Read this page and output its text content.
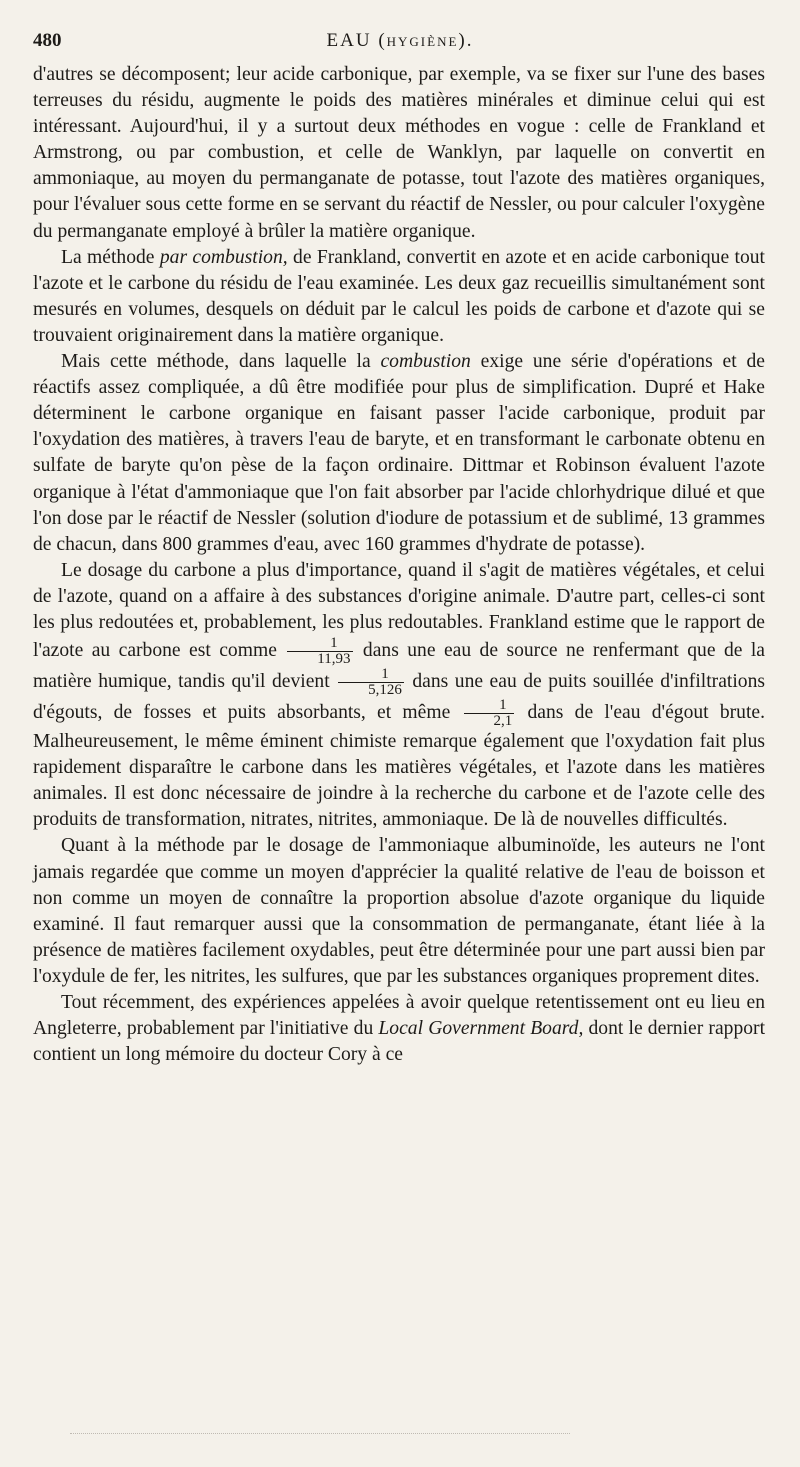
480	EAU (HYGIÈNE).

d'autres se décomposent; leur acide carbonique, par exemple, va se fixer sur l'une des bases terreuses du résidu, augmente le poids des matières minérales et diminue celui qui est intéressant. Aujourd'hui, il y a surtout deux méthodes en vogue : celle de Frankland et Armstrong, ou par combustion, et celle de Wanklyn, par laquelle on convertit en ammoniaque, au moyen du permanganate de potasse, tout l'azote des matières organiques, pour l'évaluer sous cette forme en se servant du réactif de Nessler, ou pour calculer l'oxygène du permanganate employé à brûler la matière organique.

La méthode par combustion, de Frankland, convertit en azote et en acide carbonique tout l'azote et le carbone du résidu de l'eau examinée. Les deux gaz recueillis simultanément sont mesurés en volumes, desquels on déduit par le calcul les poids de carbone et d'azote qui se trouvaient originairement dans la matière organique.

Mais cette méthode, dans laquelle la combustion exige une série d'opérations et de réactifs assez compliquée, a dû être modifiée pour plus de simplification. Dupré et Hake déterminent le carbone organique en faisant passer l'acide carbonique, produit par l'oxydation des matières, à travers l'eau de baryte, et en transformant le carbonate obtenu en sulfate de baryte qu'on pèse de la façon ordinaire. Dittmar et Robinson évaluent l'azote organique à l'état d'ammoniaque que l'on fait absorber par l'acide chlorhydrique dilué et que l'on dose par le réactif de Nessler (solution d'iodure de potassium et de sublimé, 13 grammes de chacun, dans 800 grammes d'eau, avec 160 grammes d'hydrate de potasse).

Le dosage du carbone a plus d'importance, quand il s'agit de matières végétales, et celui de l'azote, quand on a affaire à des substances d'origine animale. D'autre part, celles-ci sont les plus redoutées et, probablement, les plus redoutables. Frankland estime que le rapport de l'azote au carbone est comme $\frac{1}{11,93}$ dans une eau de source ne renfermant que de la matière humique, tandis qu'il devient $\frac{1}{5,126}$ dans une eau de puits souillée d'infiltrations d'égouts, de fosses et puits absorbants, et même $\frac{1}{2,1}$ dans de l'eau d'égout brute. Malheureusement, le même éminent chimiste remarque également que l'oxydation fait plus rapidement disparaître le carbone dans les matières végétales, et l'azote dans les matières animales. Il est donc nécessaire de joindre à la recherche du carbone et de l'azote celle des produits de transformation, nitrates, nitrites, ammoniaque. De là de nouvelles difficultés.

Quant à la méthode par le dosage de l'ammoniaque albuminoïde, les auteurs ne l'ont jamais regardée que comme un moyen d'apprécier la qualité relative de l'eau de boisson et non comme un moyen de connaître la proportion absolue d'azote organique du liquide examiné. Il faut remarquer aussi que la consommation de permanganate, étant liée à la présence de matières facilement oxydables, peut être déterminée pour une part aussi bien par l'oxydule de fer, les nitrites, les sulfures, que par les substances organiques proprement dites.

Tout récemment, des expériences appelées à avoir quelque retentissement ont eu lieu en Angleterre, probablement par l'initiative du Local Government Board, dont le dernier rapport contient un long mémoire du docteur Cory à ce
